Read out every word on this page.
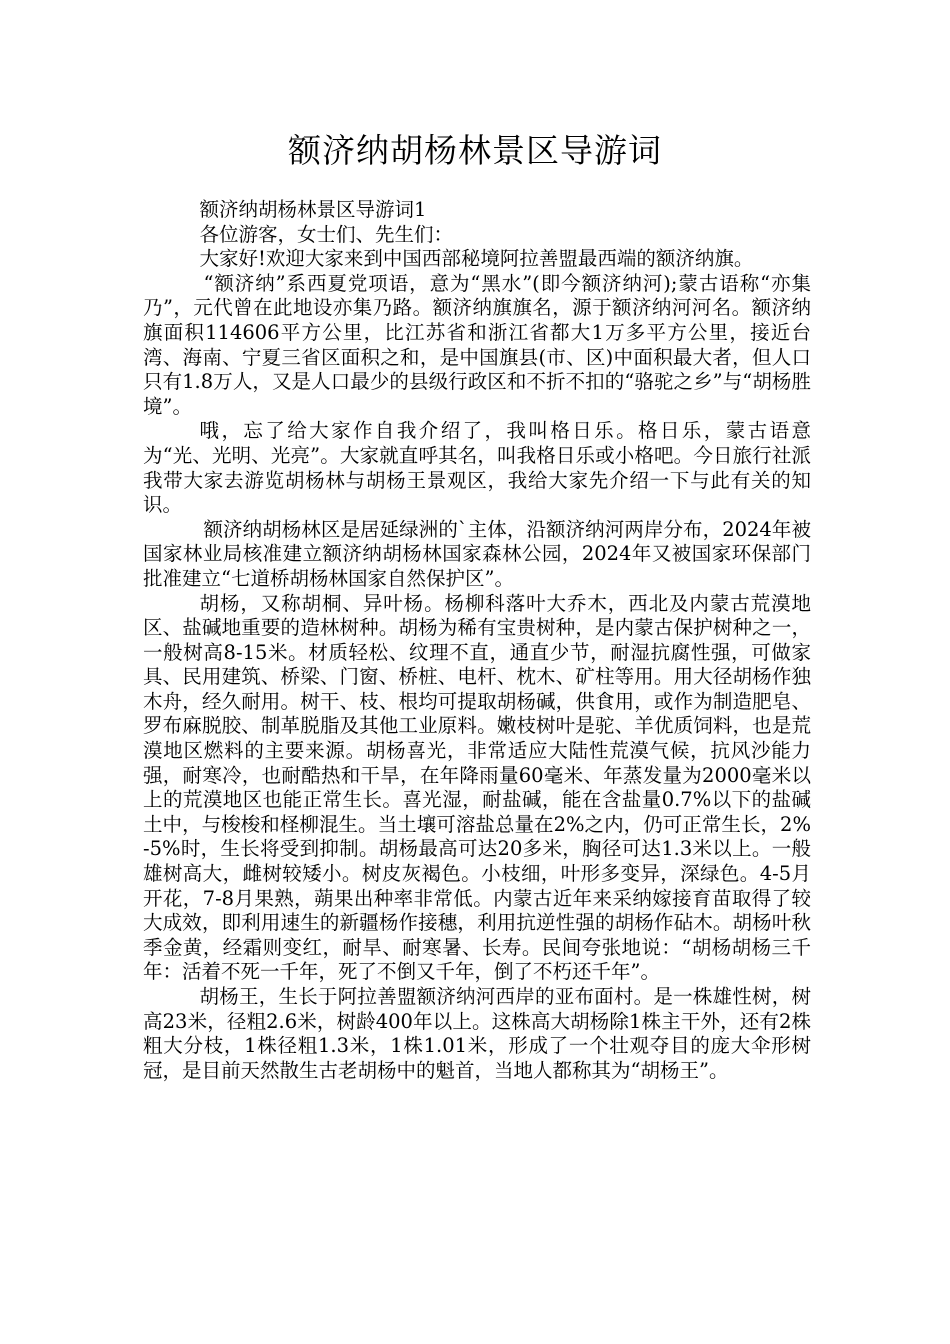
额济纳胡杨林景区导游词

额济纳胡杨林景区导游词1

各位游客，女士们、先生们：

大家好!欢迎大家来到中国西部秘境阿拉善盟最西端的额济纳旗。

“额济纳”系西夏党项语，意为“黑水”(即今额济纳河);蒙古语称“亦集乃”，元代曾在此地设亦集乃路。额济纳旗旗名，源于额济纳河河名。额济纳旗面积114606平方公里，比江苏省和浙江省都大1万多平方公里，接近台湾、海南、宁夏三省区面积之和，是中国旗县(市、区)中面积最大者，但人口只有1.8万人，又是人口最少的县级行政区和不折不扣的“骆驼之乡”与“胡杨胜境”。

哦，忘了给大家作自我介绍了，我叫格日乐。格日乐，蒙古语意为“光、光明、光亮”。大家就直呼其名，叫我格日乐或小格吧。今日旅行社派我带大家去游览胡杨林与胡杨王景观区，我给大家先介绍一下与此有关的知识。

额济纳胡杨林区是居延绿洲的`主体，沿额济纳河两岸分布，2024年被国家林业局核准建立额济纳胡杨林国家森林公园，2024年又被国家环保部门批准建立“七道桥胡杨林国家自然保护区”。

胡杨，又称胡桐、异叶杨。杨柳科落叶大乔木，西北及内蒙古荒漠地区、盐碱地重要的造林树种。胡杨为稀有宝贵树种，是内蒙古保护树种之一，一般树高8-15米。材质轻松、纹理不直，通直少节，耐湿抗腐性强，可做家具、民用建筑、桥梁、门窗、桥桩、电杆、枕木、矿柱等用。用大径胡杨作独木舟，经久耐用。树干、枝、根均可提取胡杨碱，供食用，或作为制造肥皂、罗布麻脱胶、制革脱脂及其他工业原料。嫩枝树叶是驼、羊优质饲料，也是荒漠地区燃料的主要来源。胡杨喜光，非常适应大陆性荒漠气候，抗风沙能力强，耐寒冷，也耐酷热和干旱，在年降雨量60毫米、年蒸发量为2000毫米以上的荒漠地区也能正常生长。喜光湿，耐盐碱，能在含盐量0.7%以下的盐碱土中，与梭梭和柽柳混生。当土壤可溶盐总量在2%之内，仍可正常生长，2%-5%时，生长将受到抑制。胡杨最高可达20多米，胸径可达1.3米以上。一般雄树高大，雌树较矮小。树皮灰褐色。小枝细，叶形多变异，深绿色。4-5月开花，7-8月果熟，蒴果出种率非常低。内蒙古近年来采纳嫁接育苗取得了较大成效，即利用速生的新疆杨作接穗，利用抗逆性强的胡杨作砧木。胡杨叶秋季金黄，经霜则变红，耐旱、耐寒暑、长寿。民间夸张地说：“胡杨胡杨三千年：活着不死一千年，死了不倒又千年，倒了不朽还千年”。

胡杨王，生长于阿拉善盟额济纳河西岸的亚布面村。是一株雄性树，树高23米，径粗2.6米，树龄400年以上。这株高大胡杨除1株主干外，还有2株粗大分枝，1株径粗1.3米，1株1.01米，形成了一个壮观夺目的庞大伞形树冠，是目前天然散生古老胡杨中的魁首，当地人都称其为“胡杨王”。
